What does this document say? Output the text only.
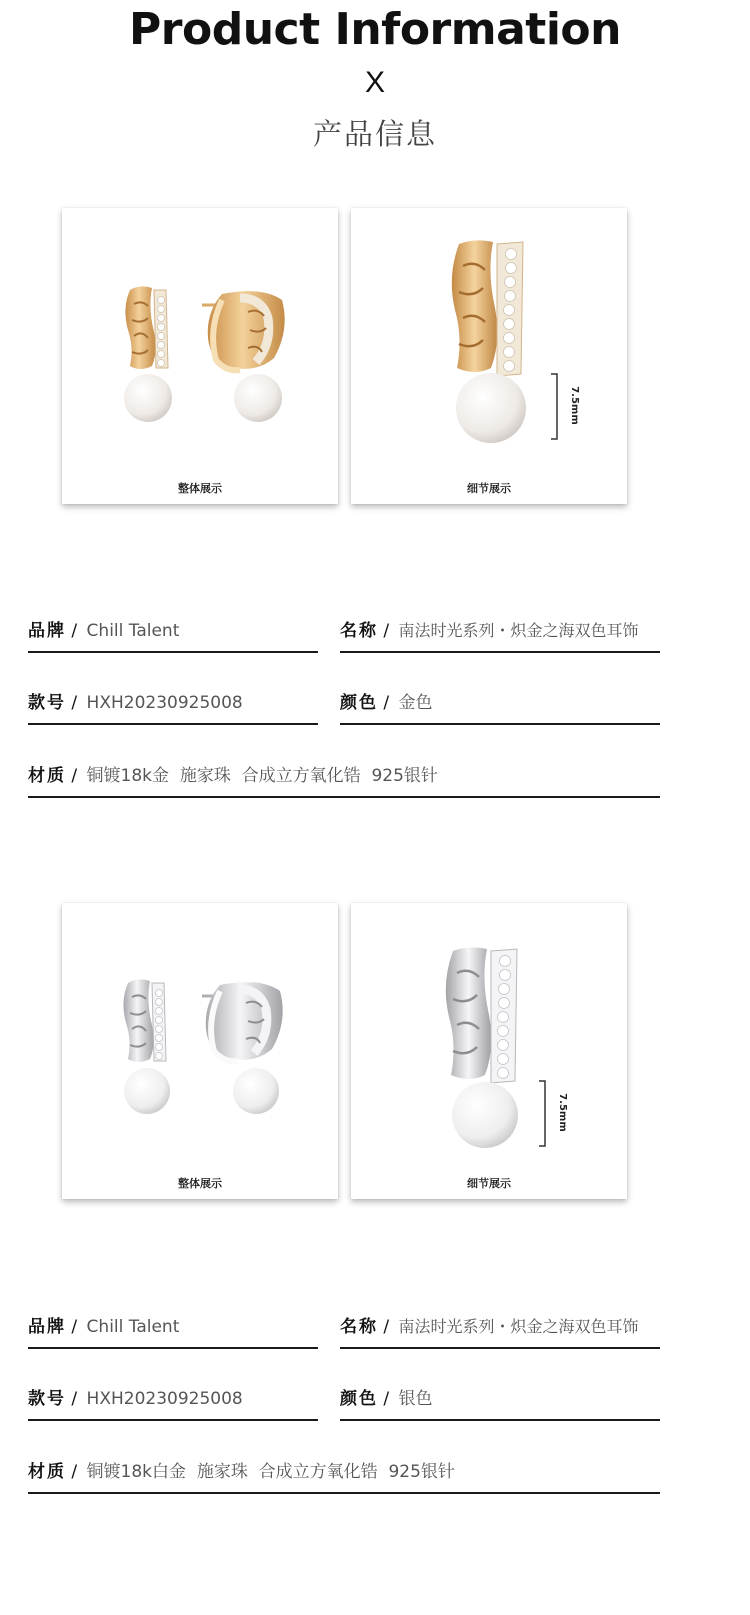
Product Information
X
产品信息
整体展示
7.5mm
细节展示
品牌 / Chill Talent	名称 / 南法时光系列・炽金之海双色耳饰
款号 / HXH20230925008	颜色 / 金色
材质 / 铜镀18k金  施家珠  合成立方氧化锆  925银针
整体展示
7.5mm
细节展示
品牌 / Chill Talent	名称 / 南法时光系列・炽金之海双色耳饰
款号 / HXH20230925008	颜色 / 银色
材质 / 铜镀18k白金  施家珠  合成立方氧化锆  925银针
